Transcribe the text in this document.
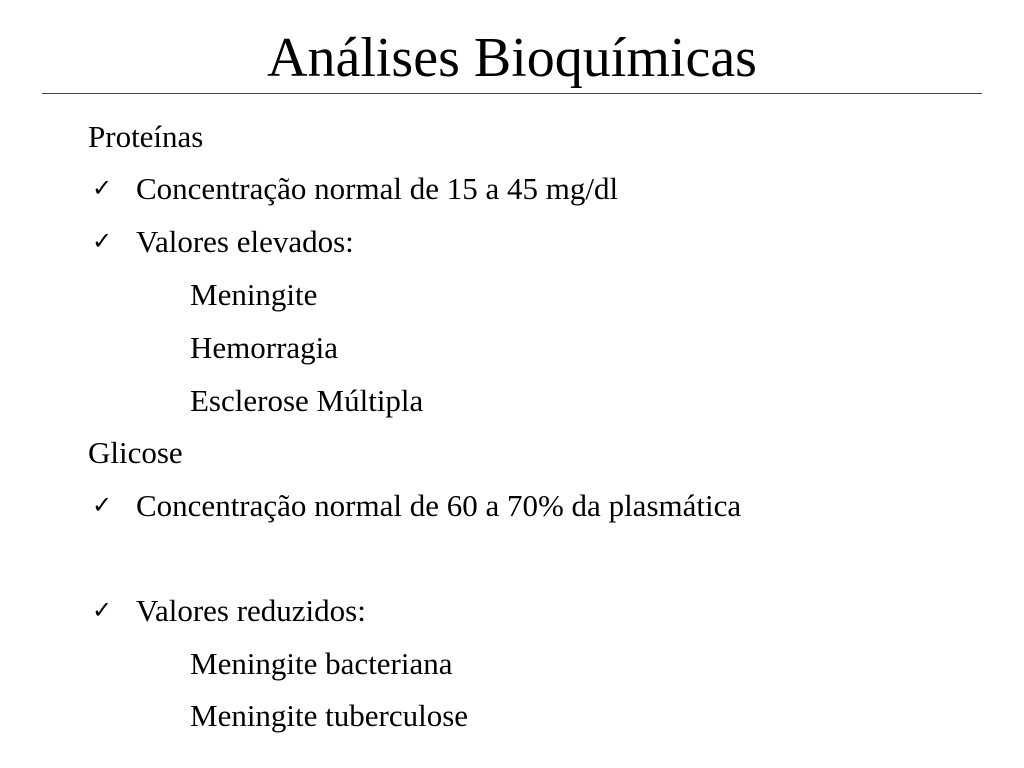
Análises Bioquímicas
Proteínas
✓ Concentração normal de 15 a 45 mg/dl
✓ Valores elevados:
Meningite
Hemorragia
Esclerose Múltipla
Glicose
✓ Concentração normal de 60 a 70% da plasmática
✓ Valores reduzidos:
Meningite bacteriana
Meningite tuberculose
